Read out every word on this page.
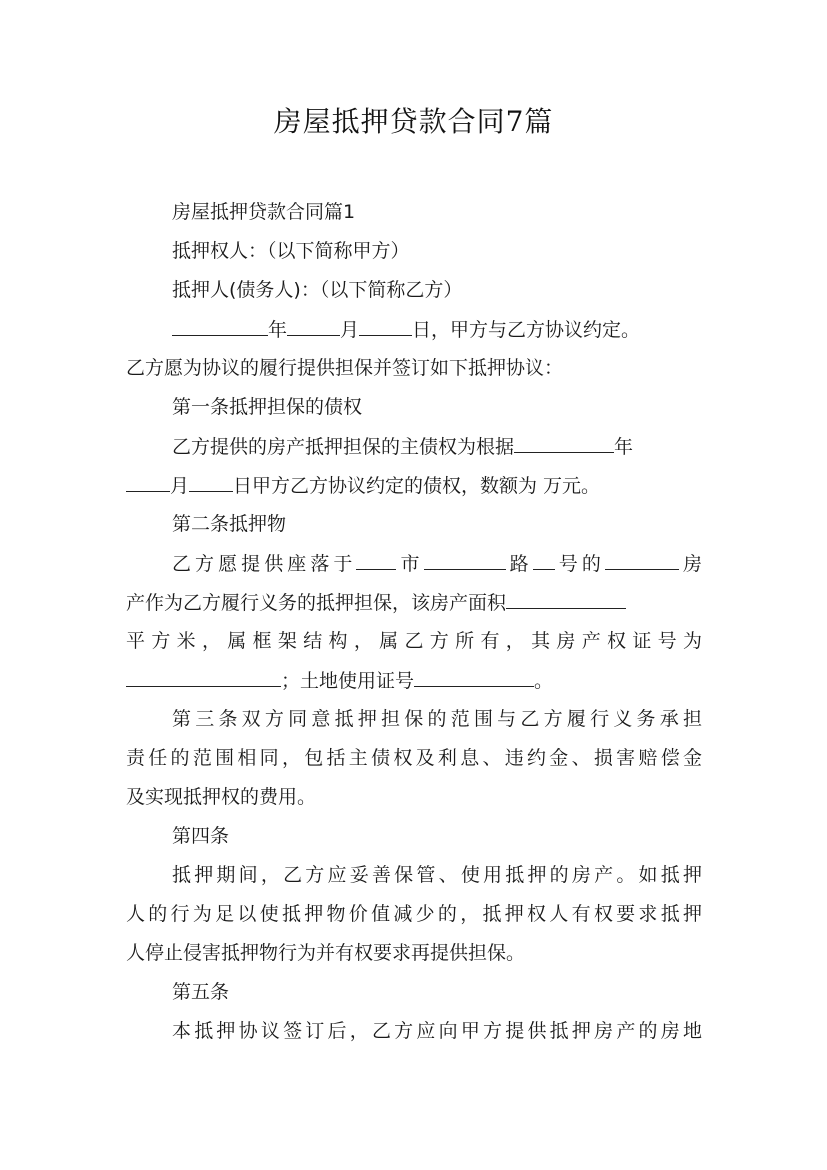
房屋抵押贷款合同7篇
房屋抵押贷款合同篇1
抵押权人：（以下简称甲方）
抵押人(债务人)：（以下简称乙方）
年	月	日，甲方与乙方协议约定。
乙方愿为协议的履行提供担保并签订如下抵押协议：
第一条抵押担保的债权
乙方提供的房产抵押担保的主债权为根据	年
月 日甲方乙方协议约定的债权，数额为 万元。
第二条抵押物
乙方愿提供座落于 市	路 号的	房
产作为乙方履行义务的抵押担保，该房产面积
平方米，属框架结构，属乙方所有，其房产权证号为
；土地使用证号	。
第三条双方同意抵押担保的范围与乙方履行义务承担
责任的范围相同，包括主债权及利息、违约金、损害赔偿金
及实现抵押权的费用。
第四条
抵押期间，乙方应妥善保管、使用抵押的房产。如抵押
人的行为足以使抵押物价值减少的，抵押权人有权要求抵押
人停止侵害抵押物行为并有权要求再提供担保。
第五条
本抵押协议签订后，乙方应向甲方提供抵押房产的房地
